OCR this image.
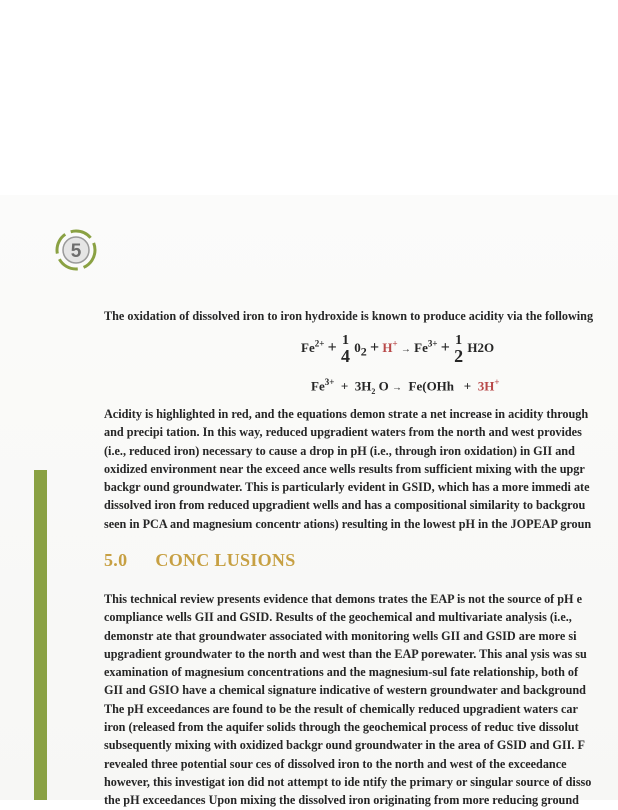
5
The oxidation of dissolved iron to iron hydroxide is known to produce acidity via the following
$Fe^{2+} + 1$
4 $0_2 + H^+ \to Fe^{3+} + 1$
2 H2O
$Fe^{3+} + 3H_2$ O → Fe(OHh + 3H+
Acidity is highlighted in red, and the equations demon strate a net increase in acidity through
and precipi tation. In this way, reduced upgradient waters from the north and west provides
(i.e., reduced iron) necessary to cause a drop in pH (i.e., through iron oxidation) in GII and
oxidized environment near the exceed ance wells results from sufficient mixing with the upgr
backgr ound groundwater. This is particularly evident in GSID, which has a more immedi ate
dissolved iron from reduced upgradient wells and has a compositional similarity to backgrou
seen in PCA and magnesium concentr ations) resulting in the lowest pH in the JOPEAP groun
5.0 CONC LUSIONS
This technical review presents evidence that demons trates the EAP is not the source of pH e
compliance wells GII and GSID. Results of the geochemical and multivariate analysis (i.e.,
demonstr ate that groundwater associated with monitoring wells GII and GSID are more si
upgradient groundwater to the north and west than the EAP porewater. This anal ysis was su
examination of magnesium concentrations and the magnesium-sul fate relationship, both of
GII and GSIO have a chemical signature indicative of western groundwater and background
The pH exceedances are found to be the result of chemically reduced upgradient waters car
iron (released from the aquifer solids through the geochemical process of reduc tive dissolut
subsequently mixing with oxidized backgr ound groundwater in the area of GSID and GII. F
revealed three potential sour ces of dissolved iron to the north and west of the exceedance
however, this investigat ion did not attempt to ide ntify the primary or singular source of disso
the pH exceedances Upon mixing the dissolved iron originating from more reducing ground
